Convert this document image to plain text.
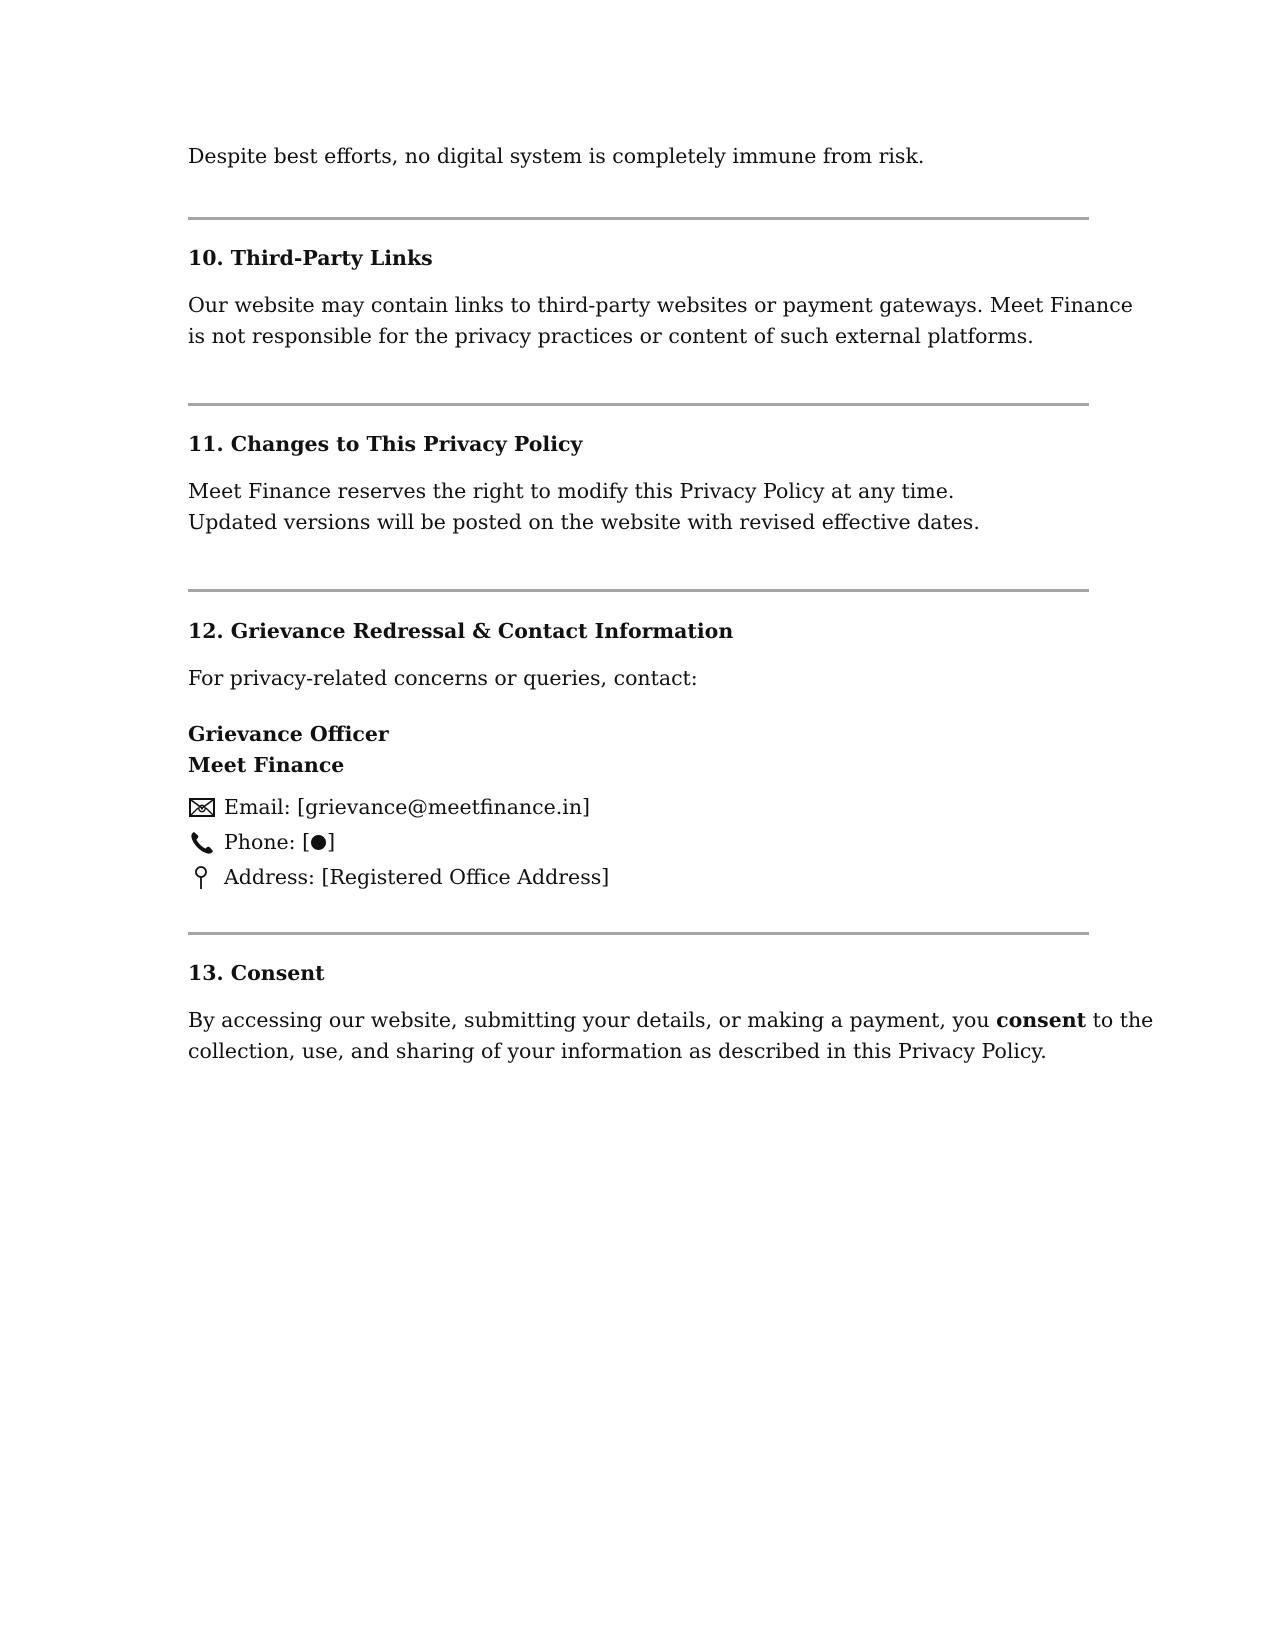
Despite best efforts, no digital system is completely immune from risk.

10. Third-Party Links

Our website may contain links to third-party websites or payment gateways. Meet Finance

is not responsible for the privacy practices or content of such external platforms.

11. Changes to This Privacy Policy

Meet Finance reserves the right to modify this Privacy Policy at any time.

Updated versions will be posted on the website with revised effective dates.

12. Grievance Redressal & Contact Information

For privacy-related concerns or queries, contact:

Grievance Officer

Meet Finance

Email: [grievance@meetfinance.in]
Phone: [ ]
Address: [Registered Office Address]

13. Consent

By accessing our website, submitting your details, or making a payment, you consent to the

collection, use, and sharing of your information as described in this Privacy Policy.
